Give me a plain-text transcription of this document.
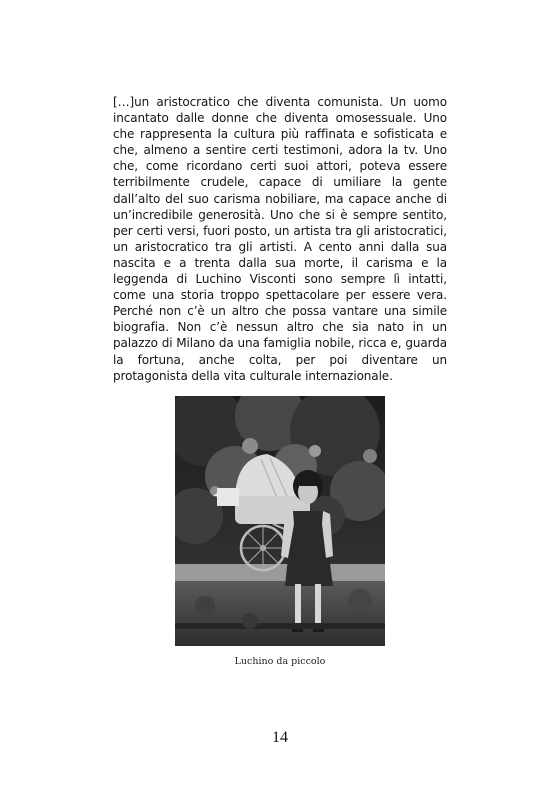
[…]un aristocratico che diventa comunista. Un uomo incantato dalle donne che diventa omosessuale. Uno che rappresenta la cultura più raffinata e sofisticata e che, almeno a sentire certi testimoni, adora la tv. Uno che, come ricordano certi suoi attori, poteva essere terribilmente crudele, capace di umiliare la gente dall’alto del suo carisma nobiliare, ma capace anche di un’incredibile generosità. Uno che si è sempre sentito, per certi versi, fuori posto, un artista tra gli aristocratici, un aristocratico tra gli artisti. A cento anni dalla sua nascita e a trenta dalla sua morte, il carisma e la leggenda di Luchino Visconti sono sempre lì intatti, come una storia troppo spettacolare per essere vera. Perché non c’è un altro che possa vantare una simile biografia. Non c’è nessun altro che sia nato in un palazzo di Milano da una famiglia nobile, ricca e, guarda la fortuna, anche colta, per poi diventare un protagonista della vita culturale internazionale.

Luchino da piccolo
14
